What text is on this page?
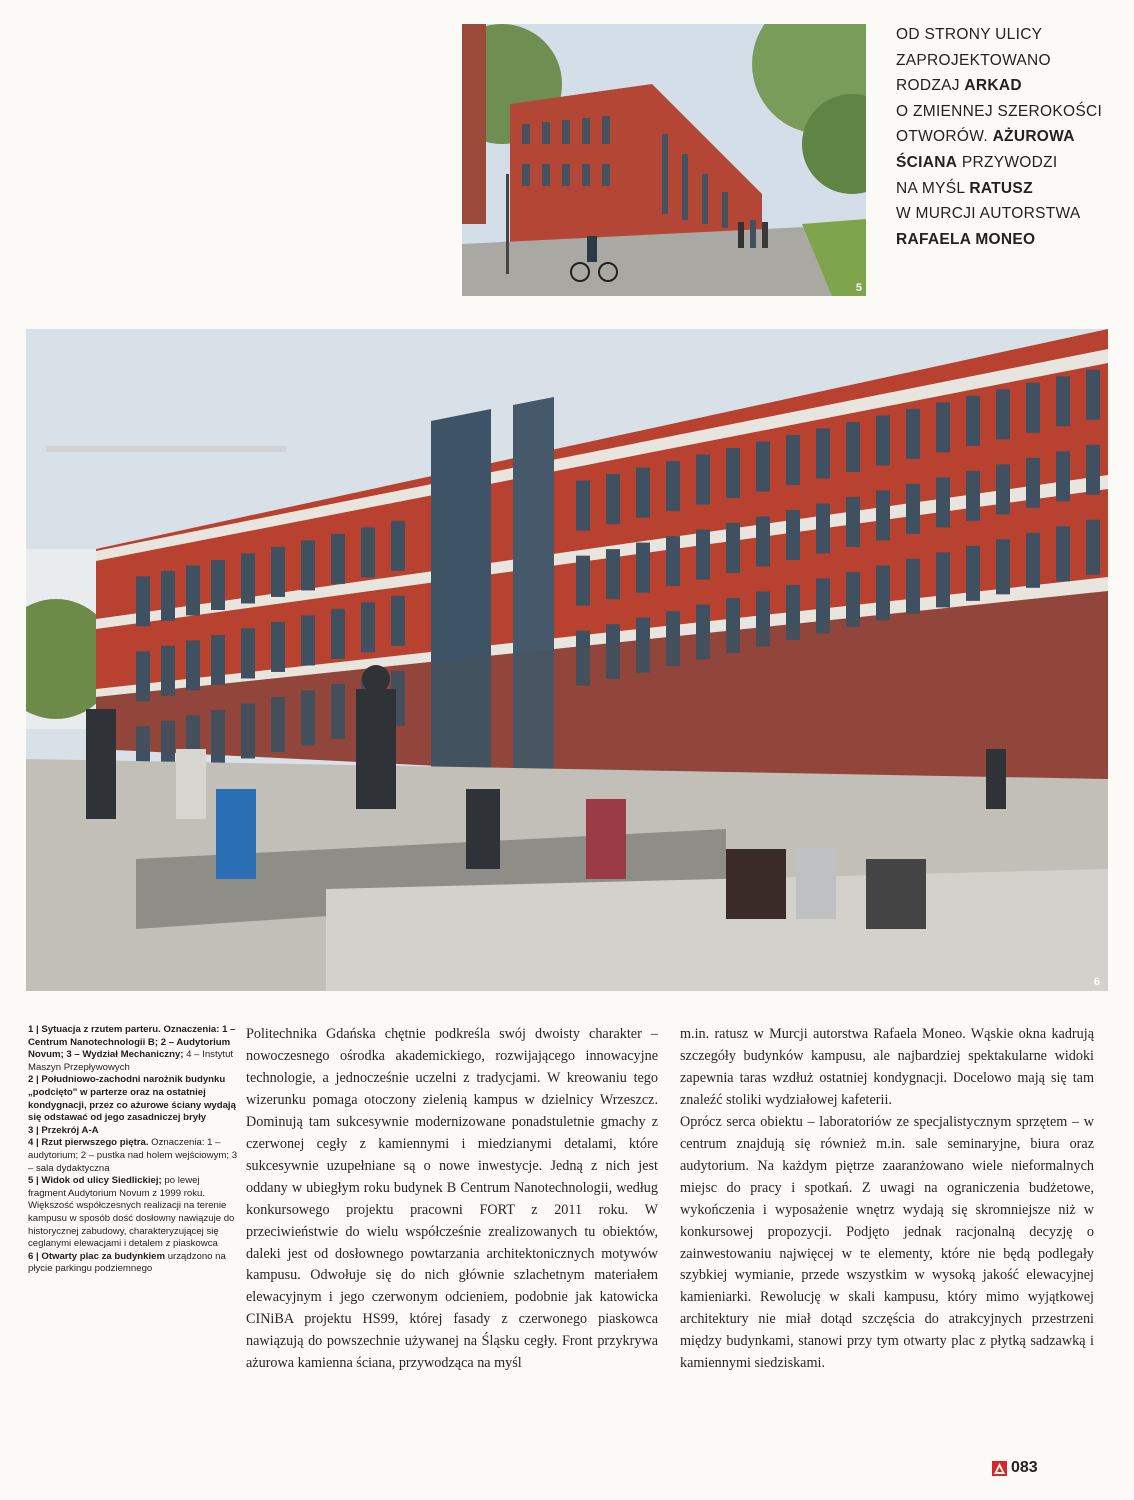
5
OD STRONY ULICY
ZAPROJEKTOWANO
RODZAJ ARKAD
O ZMIENNEJ SZEROKOŚCI
OTWORÓW. AŻUROWA
ŚCIANA PRZYWODZI
NA MYŚL RATUSZ
W MURCJI AUTORSTWA
RAFAELA MONEO
6

1 | Sytuacja z rzutem parteru. Oznaczenia: 1 – Centrum Nanotechnologii B; 2 – Audytorium Novum; 3 – Wydział Mechaniczny; 4 – Instytut Maszyn Przepływowych

2 | Południowo-zachodni narożnik budynku „podcięto" w parterze oraz na ostatniej kondygnacji, przez co ażurowe ściany wydają się odstawać od jego zasadniczej bryły

3 | Przekrój A-A

4 | Rzut pierwszego piętra. Oznaczenia: 1 – audytorium; 2 – pustka nad holem wejściowym; 3 – sala dydaktyczna

5 | Widok od ulicy Siedlickiej; po lewej fragment Audytorium Novum z 1999 roku. Większość współczesnych realizacji na terenie kampusu w sposób dość dosłowny nawiązuje do historycznej zabudowy, charakteryzującej się ceglanymi elewacjami i detalem z piaskowca

6 | Otwarty plac za budynkiem urządzono na płycie parkingu podziemnego

Politechnika Gdańska chętnie podkreśla swój dwoisty charakter – nowoczesnego ośrodka akademickiego, rozwijającego innowacyjne technologie, a jednocześnie uczelni z tradycjami. W kreowaniu tego wizerunku pomaga otoczony zielenią kampus w dzielnicy Wrzeszcz. Dominują tam sukcesywnie modernizowane ponadstuletnie gmachy z czerwonej cegły z kamiennymi i miedzianymi detalami, które sukcesywnie uzupełniane są o nowe inwestycje. Jedną z nich jest oddany w ubiegłym roku budynek B Centrum Nanotechnologii, według konkursowego projektu pracowni FORT z 2011 roku. W przeciwieństwie do wielu współcześnie zrealizowanych tu obiektów, daleki jest od dosłownego powtarzania architektonicznych motywów kampusu. Odwołuje się do nich głównie szlachetnym materiałem elewacyjnym i jego czerwonym odcieniem, podobnie jak katowicka CINiBA projektu HS99, której fasady z czerwonego piaskowca nawiązują do powszechnie używanej na Śląsku cegły. Front przykrywa ażurowa kamienna ściana, przywodząca na myśl

m.in. ratusz w Murcji autorstwa Rafaela Moneo. Wąskie okna kadrują szczegóły budynków kampusu, ale najbardziej spektakularne widoki zapewnia taras wzdłuż ostatniej kondygnacji. Docelowo mają się tam znaleźć stoliki wydziałowej kafeterii.

Oprócz serca obiektu – laboratoriów ze specjalistycznym sprzętem – w centrum znajdują się również m.in. sale seminaryjne, biura oraz audytorium. Na każdym piętrze zaaranżowano wiele nieformalnych miejsc do pracy i spotkań. Z uwagi na ograniczenia budżetowe, wykończenia i wyposażenie wnętrz wydają się skromniejsze niż w konkursowej propozycji. Podjęto jednak racjonalną decyzję o zainwestowaniu najwięcej w te elementy, które nie będą podlegały szybkiej wymianie, przede wszystkim w wysoką jakość elewacyjnej kamieniarki. Rewolucję w skali kampusu, który mimo wyjątkowej architektury nie miał dotąd szczęścia do atrakcyjnych przestrzeni między budynkami, stanowi przy tym otwarty plac z płytką sadzawką i kamiennymi siedziskami.

083
